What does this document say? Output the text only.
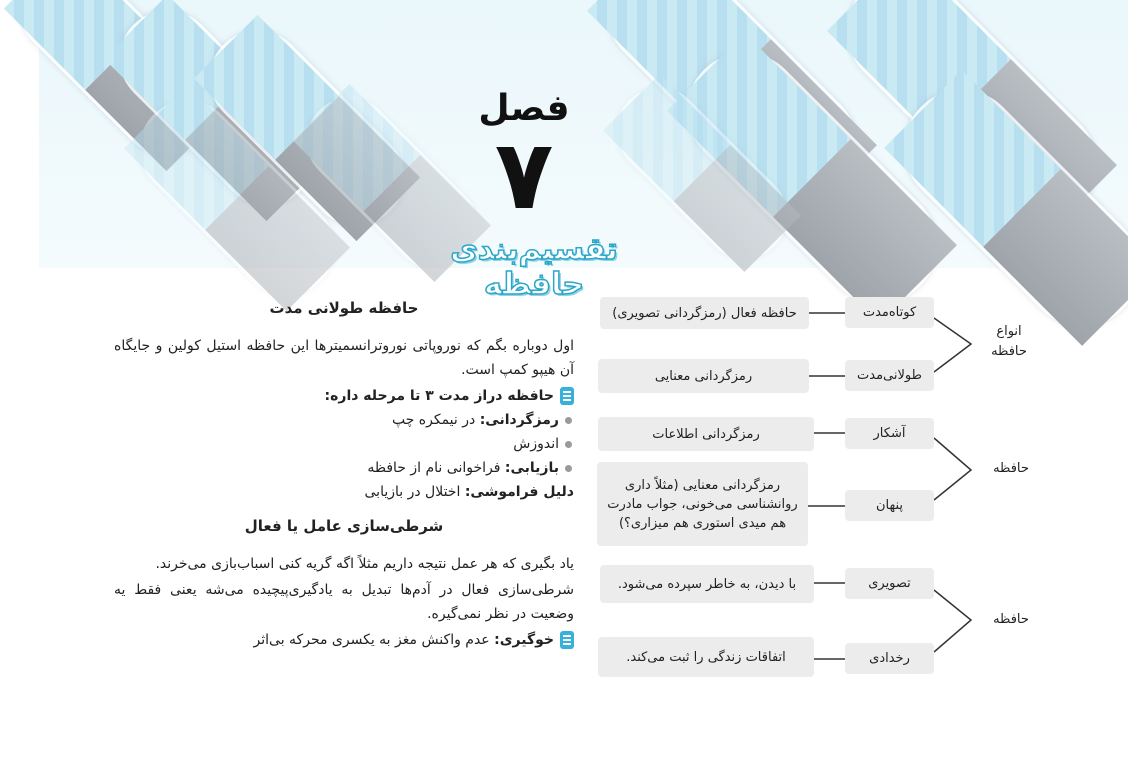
فصل
۷
تقسیم‌بندی حافظه
حافظه طولانی مدت

اول دوباره بگم که نوروپاتی نوروترانسمیترها این حافظه استیل کولین و جایگاه آن هیپو کمپ است.

حافظه دراز مدت ۳ تا مرحله داره:
رمزگردانی: در نیمکره چپ
اندوزش
بازیابی: فراخوانی نام از حافظه
دلیل فراموشی: اختلال در بازیابی
شرطی‌سازی عامل یا فعال

یاد بگیری که هر عمل نتیجه داریم مثلاً اگه گریه کنی اسباب‌بازی می‌خرند.

شرطی‌سازی فعال در آدم‌ها تبدیل به یادگیری‌پیچیده می‌شه یعنی فقط یه وضعیت در نظر نمی‌گیره.

خوگیری: عدم واکنش مغز به یکسری محرکه بی‌اثر
انواع حافظه
کوتاه‌مدت
طولانی‌مدت
حافظه فعال (رمزگردانی تصویری)
رمزگردانی معنایی
حافظه
آشکار
پنهان
رمزگردانی اطلاعات
رمزگردانی معنایی (مثلاً داری روانشناسی می‌خونی، جواب مادرت هم میدی استوری هم میزاری؟)
حافظه
تصویری
رخدادی
با دیدن، به خاطر سپرده می‌شود.
اتفاقات زندگی را ثبت می‌کند.
